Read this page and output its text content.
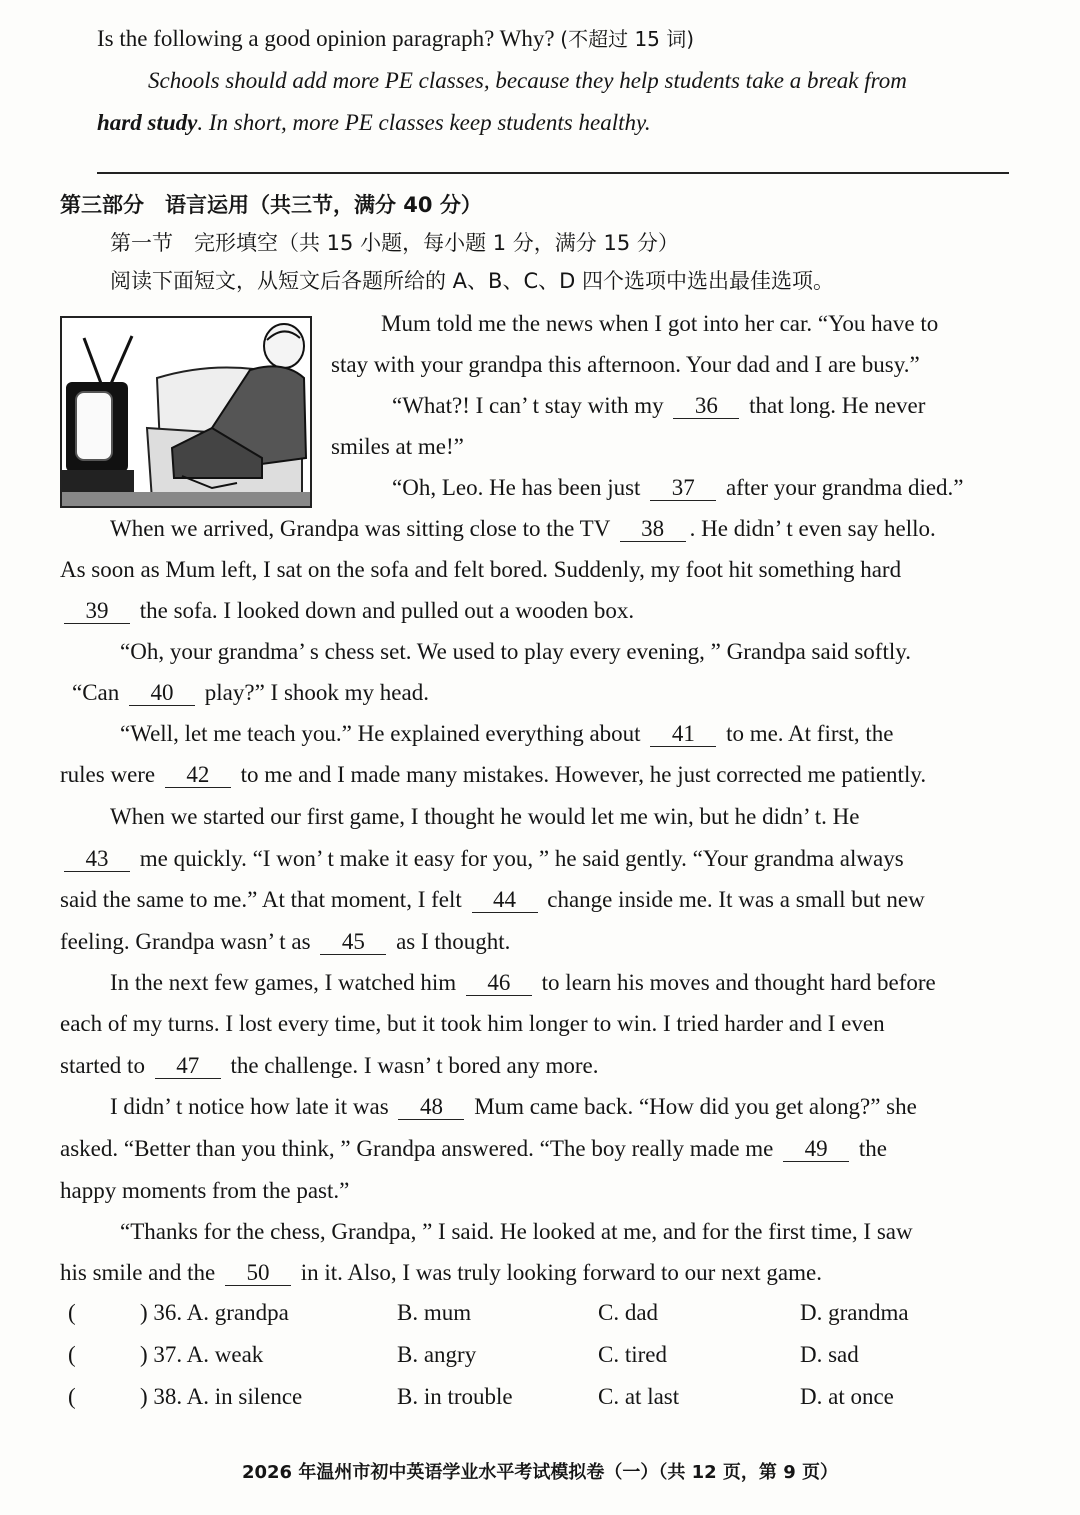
Is the following a good opinion paragraph? Why? (不超过 15 词)
Schools should add more PE classes, because they help students take a break from
hard study. In short, more PE classes keep students healthy.
第三部分　语言运用（共三节，满分 40 分）
第一节　完形填空（共 15 小题，每小题 1 分，满分 15 分）
阅读下面短文，从短文后各题所给的 A、B、C、D 四个选项中选出最佳选项。
Mum told me the news when I got into her car. “You have to
stay with your grandpa this afternoon. Your dad and I are busy.”
“What?! I can’ t stay with my 36 that long. He never
smiles at me!”
“Oh, Leo. He has been just 37 after your grandma died.”
When we arrived, Grandpa was sitting close to the TV 38 . He didn’ t even say hello.
As soon as Mum left, I sat on the sofa and felt bored. Suddenly, my foot hit something hard
39 the sofa. I looked down and pulled out a wooden box.
“Oh, your grandma’ s chess set. We used to play every evening, ” Grandpa said softly.
“Can 40 play?” I shook my head.
“Well, let me teach you.” He explained everything about 41 to me. At first, the
rules were 42 to me and I made many mistakes. However, he just corrected me patiently.
When we started our first game, I thought he would let me win, but he didn’ t. He
43 me quickly. “I won’ t make it easy for you, ” he said gently. “Your grandma always
said the same to me.” At that moment, I felt 44 change inside me. It was a small but new
feeling. Grandpa wasn’ t as 45 as I thought.
In the next few games, I watched him 46 to learn his moves and thought hard before
each of my turns. I lost every time, but it took him longer to win. I tried harder and I even
started to 47 the challenge. I wasn’ t bored any more.
I didn’ t notice how late it was 48 Mum came back. “How did you get along?” she
asked. “Better than you think, ” Grandpa answered. “The boy really made me 49 the
happy moments from the past.”
“Thanks for the chess, Grandpa, ” I said. He looked at me, and for the first time, I saw
his smile and the 50 in it. Also, I was truly looking forward to our next game.
(	) 36. A. grandpa	B. mum	C. dad	D. grandma
(	) 37. A. weak	B. angry	C. tired	D. sad
(	) 38. A. in silence	B. in trouble	C. at last	D. at once
2026 年温州市初中英语学业水平考试模拟卷（一）（共 12 页，第 9 页）
